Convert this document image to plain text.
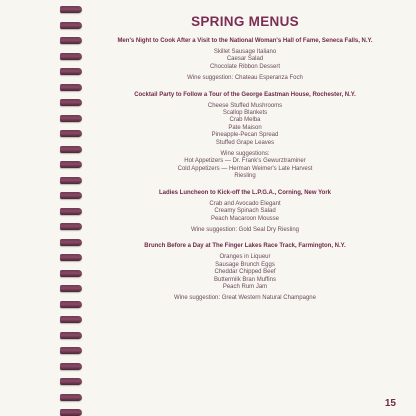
SPRING MENUS
Men's Night to Cook After a Visit to the National Woman's Hall of Fame, Seneca Falls, N.Y.
Skillet Sausage Italiano
Caesar Salad
Chocolate Ribbon Dessert
Wine suggestion: Chateau Esperanza Foch
Cocktail Party to Follow a Tour of the George Eastman House, Rochester, N.Y.
Cheese Stuffed Mushrooms
Scallop Blankets
Crab Melba
Pate Maison
Pineapple-Pecan Spread
Stuffed Grape Leaves
Wine suggestions:
Hot Appetizers — Dr. Frank's Gewurztraminer
Cold Appetizers — Herman Weimer's Late Harvest
Riesling
Ladies Luncheon to Kick-off the L.P.G.A., Corning, New York
Crab and Avocado Elegant
Creamy Spinach Salad
Peach Macaroon Mousse
Wine suggestion: Gold Seal Dry Riesling
Brunch Before a Day at The Finger Lakes Race Track, Farmington, N.Y.
Oranges in Liqueur
Sausage Brunch Eggs
Cheddar Chipped Beef
Buttermilk Bran Muffins
Peach Rum Jam
Wine suggestion: Great Western Natural Champagne
15
